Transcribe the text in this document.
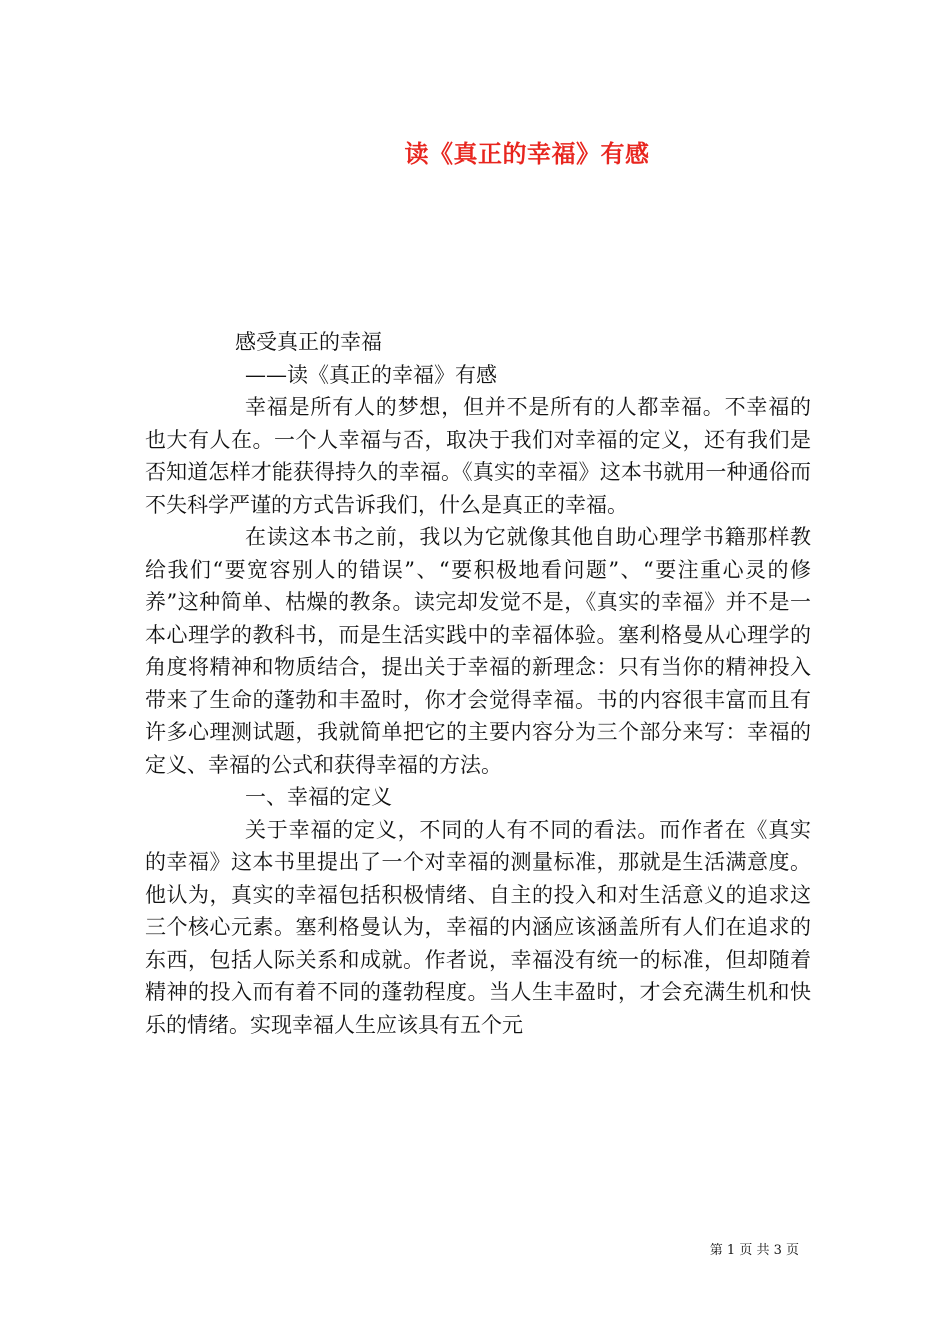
读《真正的幸福》有感

感受真正的幸福

——读《真正的幸福》有感

幸福是所有人的梦想，但并不是所有的人都幸福。不幸福的也大有人在。一个人幸福与否，取决于我们对幸福的定义，还有我们是否知道怎样才能获得持久的幸福。《真实的幸福》这本书就用一种通俗而不失科学严谨的方式告诉我们，什么是真正的幸福。

在读这本书之前，我以为它就像其他自助心理学书籍那样教给我们“要宽容别人的错误”、“要积极地看问题”、“要注重心灵的修养”这种简单、枯燥的教条。读完却发觉不是，《真实的幸福》并不是一本心理学的教科书，而是生活实践中的幸福体验。塞利格曼从心理学的角度将精神和物质结合，提出关于幸福的新理念：只有当你的精神投入带来了生命的蓬勃和丰盈时，你才会觉得幸福。书的内容很丰富而且有许多心理测试题，我就简单把它的主要内容分为三个部分来写：幸福的定义、幸福的公式和获得幸福的方法。

一、幸福的定义

关于幸福的定义，不同的人有不同的看法。而作者在《真实的幸福》这本书里提出了一个对幸福的测量标准，那就是生活满意度。他认为，真实的幸福包括积极情绪、自主的投入和对生活意义的追求这三个核心元素。塞利格曼认为，幸福的内涵应该涵盖所有人们在追求的东西，包括人际关系和成就。作者说，幸福没有统一的标准，但却随着精神的投入而有着不同的蓬勃程度。当人生丰盈时，才会充满生机和快乐的情绪。实现幸福人生应该具有五个元

第 1 页 共 3 页
